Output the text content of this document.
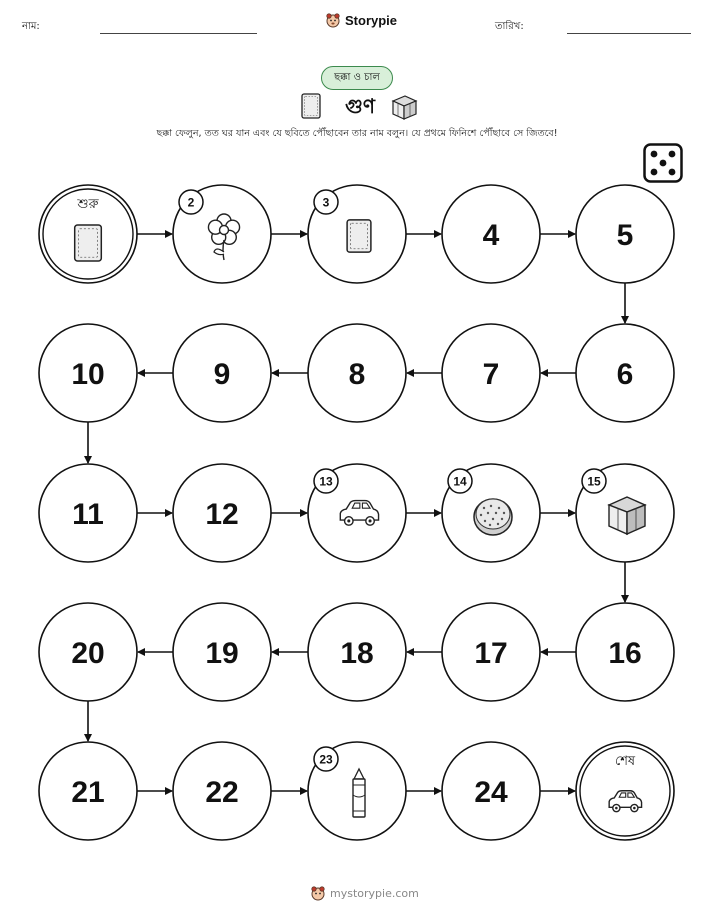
নাম:	Storypie	তারিখ:
ছক্কা ও চাল
গুণ
ছক্কা ফেলুন, তত ঘর যান এবং যে ছবিতে পৌঁছাবেন তার নাম বলুন। যে প্রথমে ফিনিশে পৌঁছাবে সে জিতবে!
শুরু	2	3
4	5
6
7
8
9
10
11	12
13	14	15
16
17
18
19
20
21	22
23
24
শেষ
mystorypie.com
